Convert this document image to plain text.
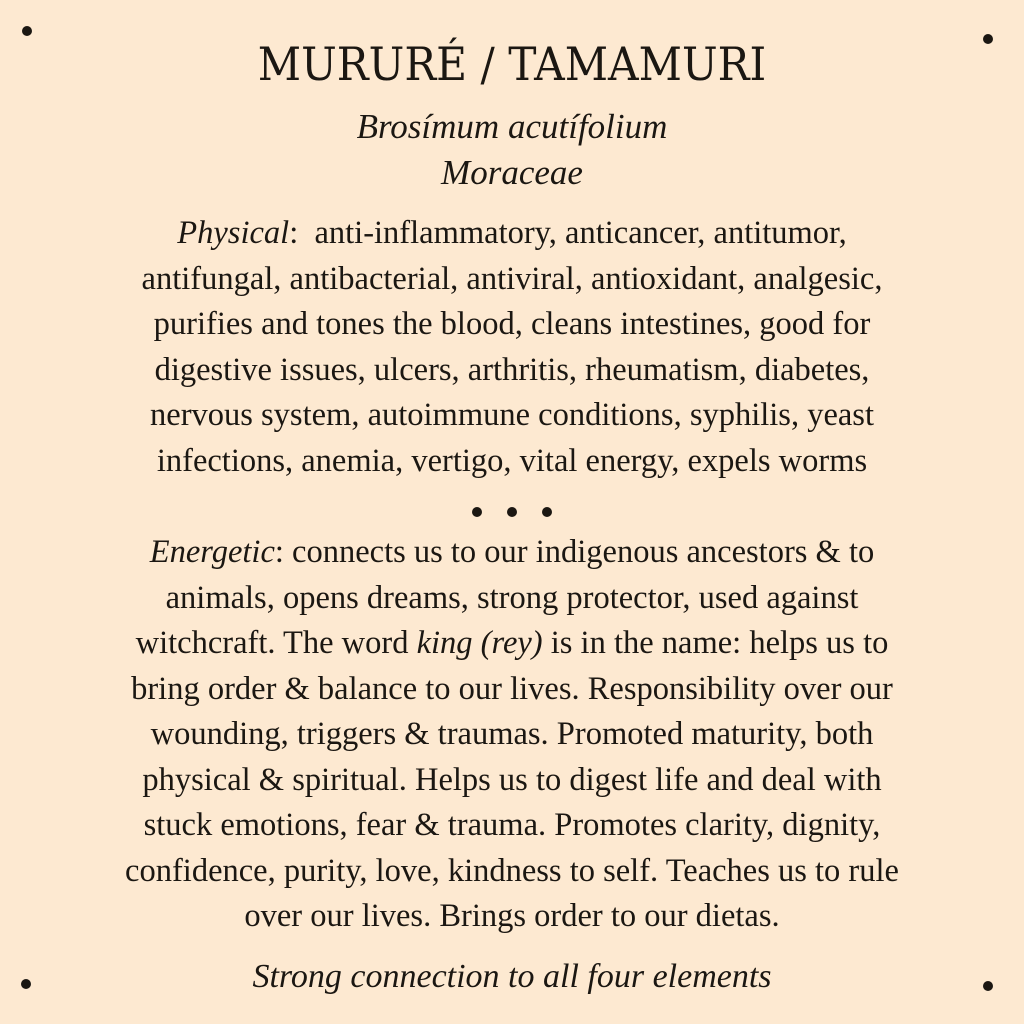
MURURÉ / TAMAMURI
Brosímum acutífolium
Moraceae
Physical:  anti-inflammatory, anticancer, antitumor,
antifungal, antibacterial, antiviral, antioxidant, analgesic,
purifies and tones the blood, cleans intestines, good for
digestive issues, ulcers, arthritis, rheumatism, diabetes,
nervous system, autoimmune conditions, syphilis, yeast
infections, anemia, vertigo, vital energy, expels worms
Energetic: connects us to our indigenous ancestors & to
animals, opens dreams, strong protector, used against
witchcraft. The word king (rey) is in the name: helps us to
bring order & balance to our lives. Responsibility over our
wounding, triggers & traumas. Promoted maturity, both
physical & spiritual. Helps us to digest life and deal with
stuck emotions, fear & trauma. Promotes clarity, dignity,
confidence, purity, love, kindness to self. Teaches us to rule
over our lives. Brings order to our dietas.
Strong connection to all four elements
